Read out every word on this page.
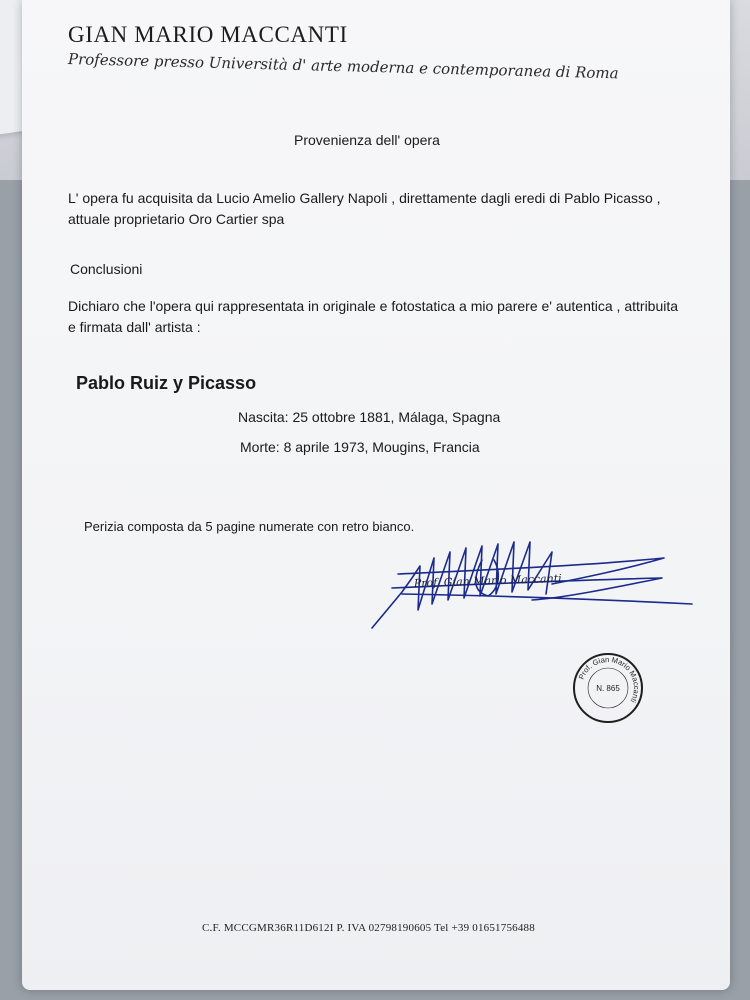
GIAN MARIO MACCANTI
Professore presso Università d' arte moderna e contemporanea di Roma
Provenienza dell' opera
L' opera fu acquisita da Lucio Amelio Gallery Napoli , direttamente dagli eredi di Pablo Picasso , attuale proprietario Oro Cartier spa
Conclusioni
Dichiaro che l'opera qui rappresentata in originale e fotostatica a mio parere e' autentica , attribuita e firmata dall' artista :
Pablo Ruiz y Picasso
Nascita: 25 ottobre 1881, Málaga, Spagna
Morte: 8 aprile 1973, Mougins, Francia
Perizia composta da 5 pagine numerate con retro bianco.
Prof. Gian Mario Maccanti
Prof. Gian Mario Maccanti
N. 865
C.F. MCCGMR36R11D612I P. IVA 02798190605 Tel +39 01651756488
